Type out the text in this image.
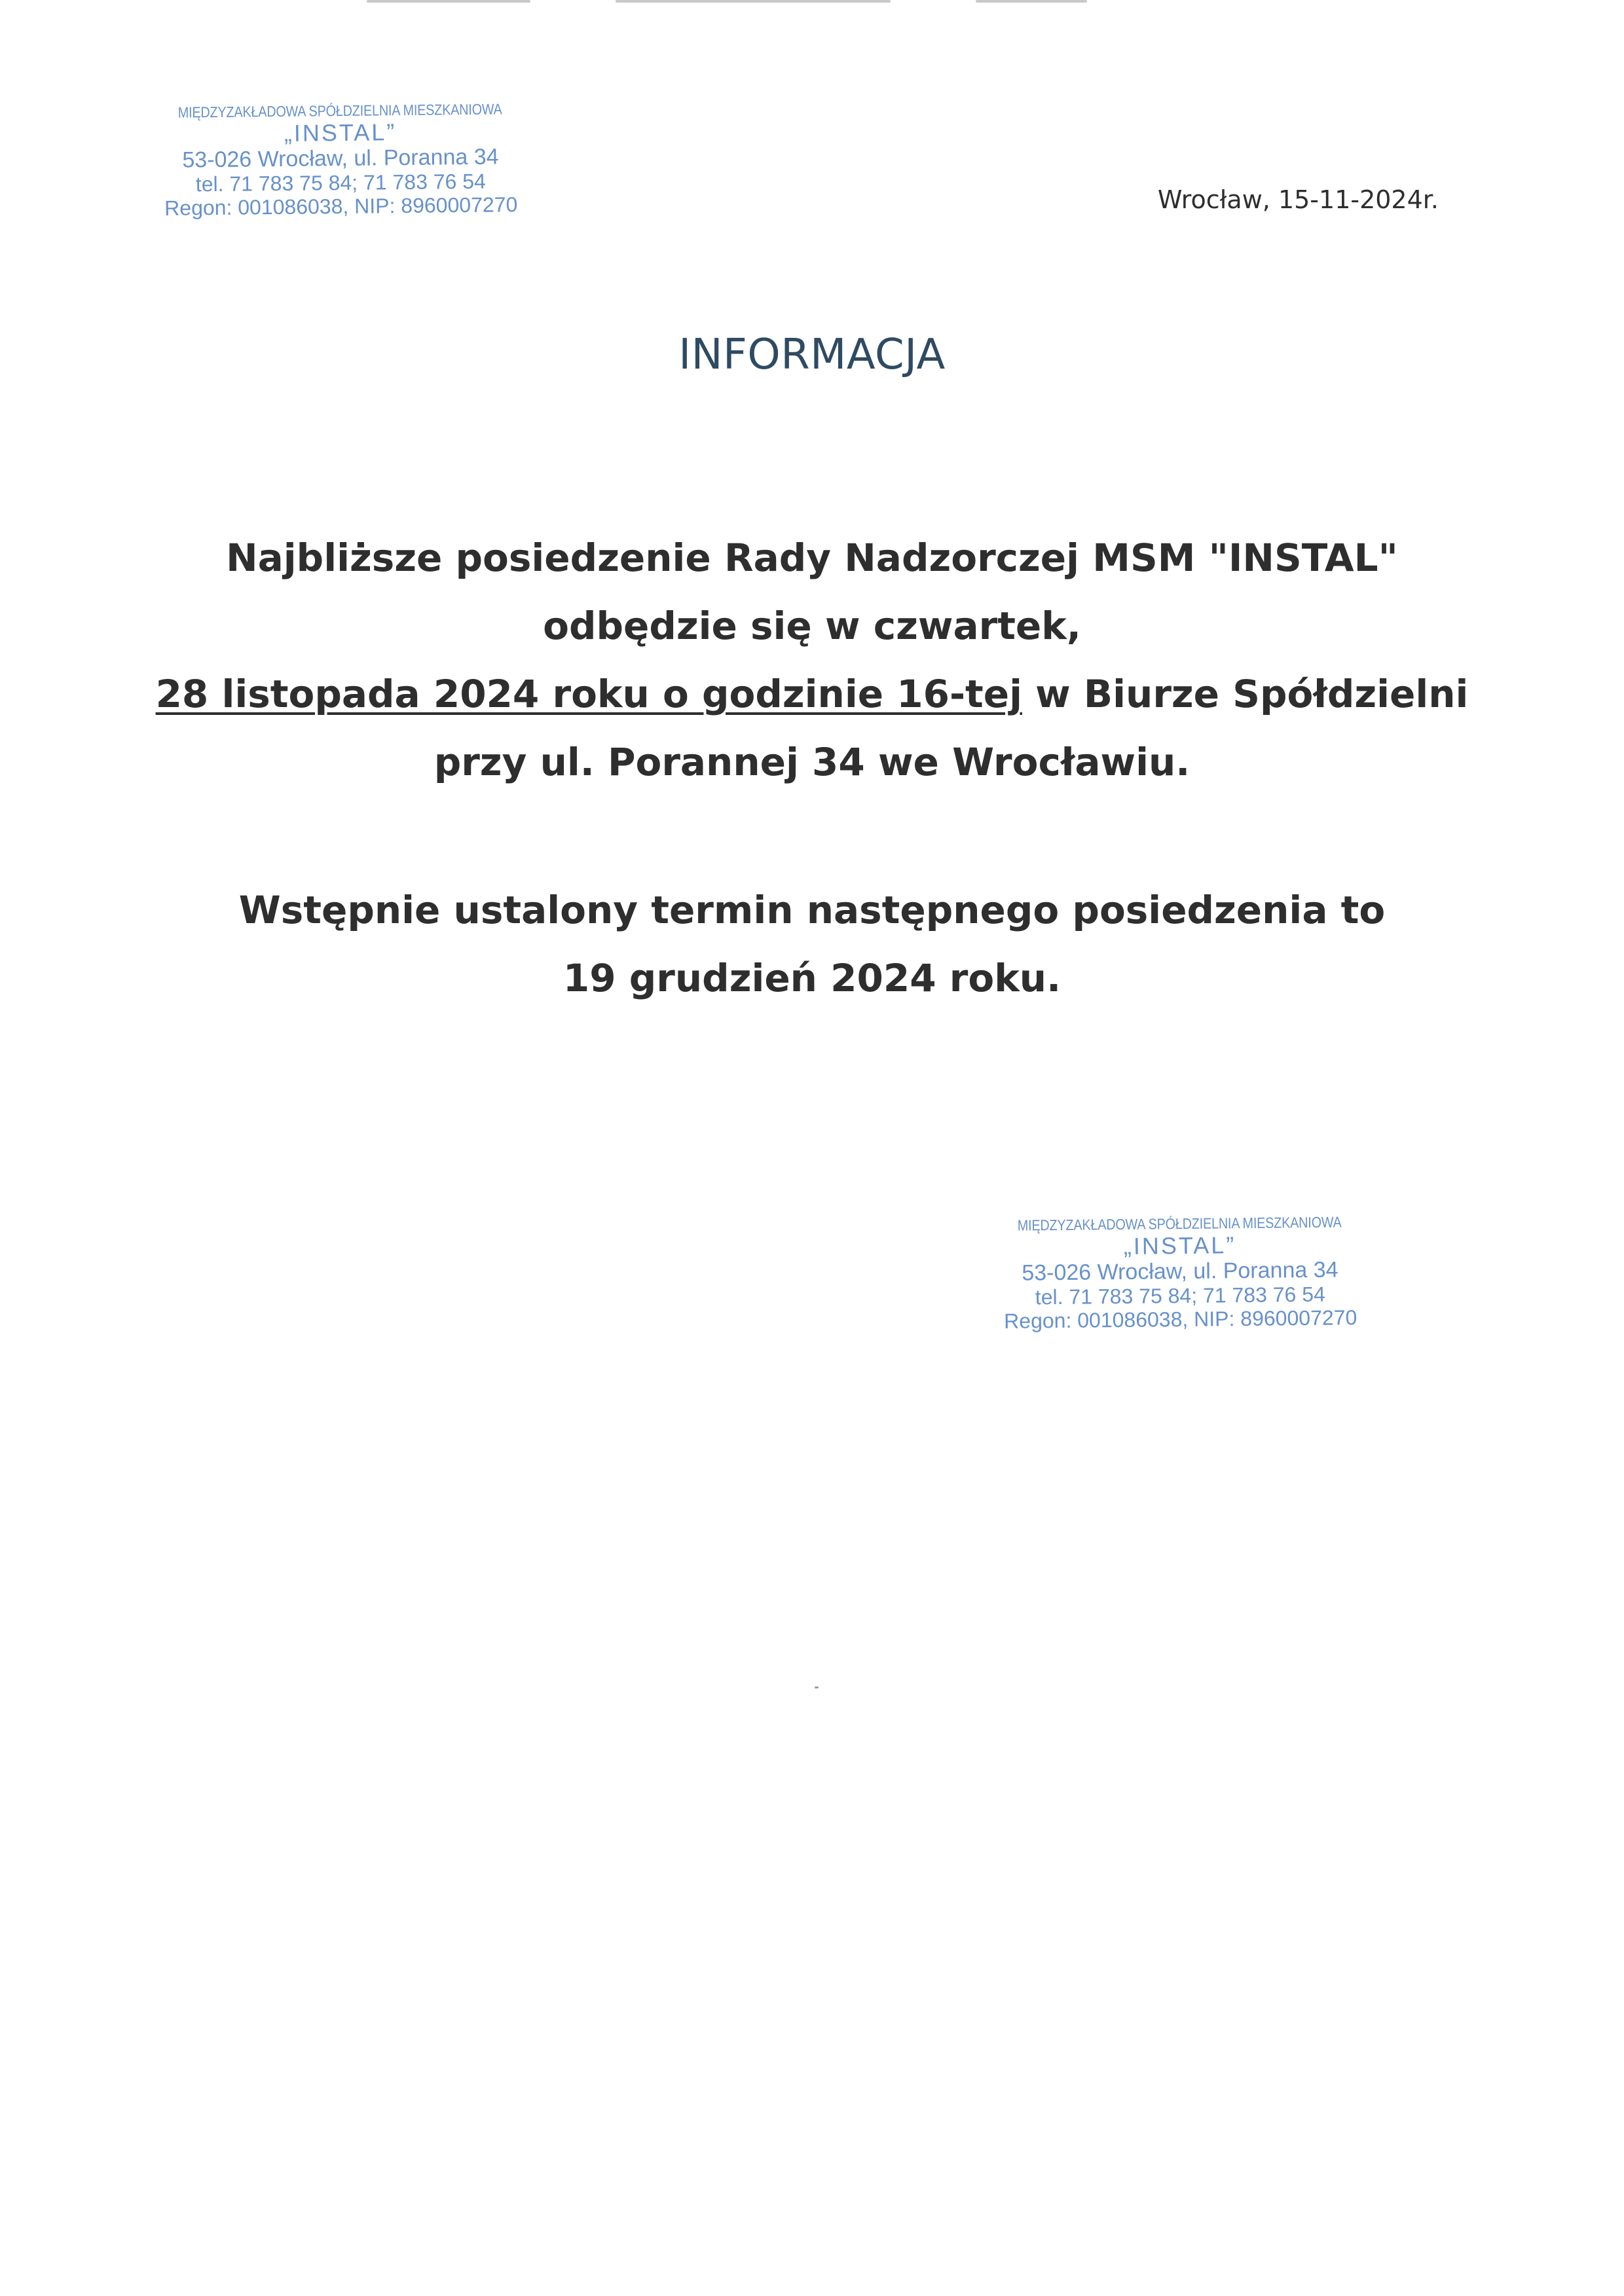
MIĘDZYZAKŁADOWA SPÓŁDZIELNIA MIESZKANIOWA
„INSTAL”
53-026 Wrocław, ul. Poranna 34
tel. 71 783 75 84; 71 783 76 54
Regon: 001086038, NIP: 8960007270	Wrocław, 15-11-2024r.
INFORMACJA
Najbliższe posiedzenie Rady Nadzorczej MSM "INSTAL"
odbędzie się w czwartek,
28 listopada 2024 roku o godzinie 16-tej w Biurze Spółdzielni
przy ul. Porannej 34 we Wrocławiu.
Wstępnie ustalony termin następnego posiedzenia to
19 grudzień 2024 roku.
MIĘDZYZAKŁADOWA SPÓŁDZIELNIA MIESZKANIOWA
„INSTAL”
53-026 Wrocław, ul. Poranna 34
tel. 71 783 75 84; 71 783 76 54
Regon: 001086038, NIP: 8960007270
